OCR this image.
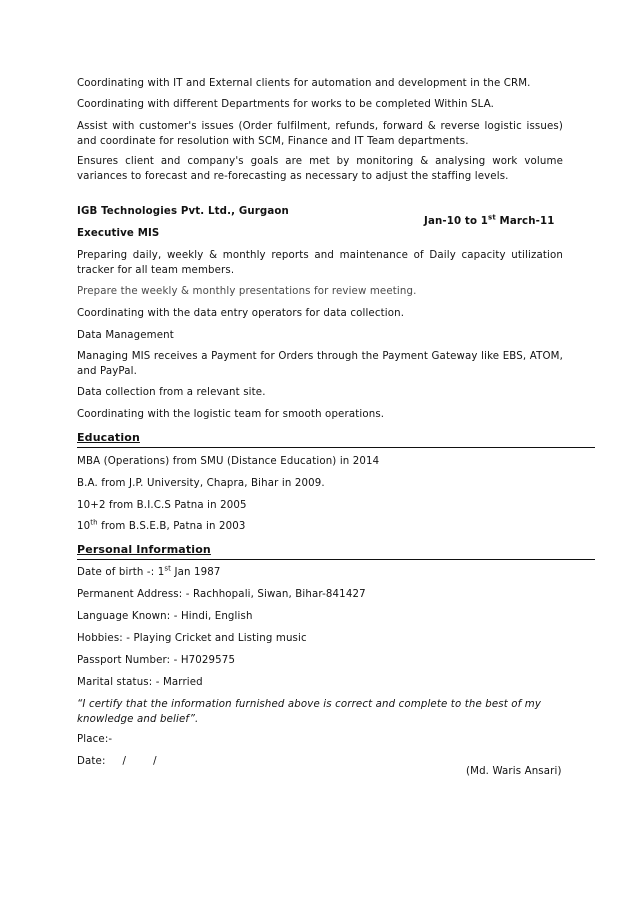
Coordinating with IT and External clients for automation and development in the CRM.

Coordinating with different Departments for works to be completed Within SLA.

Assist with customer's issues (Order fulfilment, refunds, forward & reverse logistic issues) and coordinate for resolution with SCM, Finance and IT Team departments.

Ensures client and company's goals are met by monitoring & analysing work volume variances to forecast and re-forecasting as necessary to adjust the staffing levels.

IGB Technologies Pvt. Ltd., Gurgaon

Jan-10 to 1st March-11

Executive MIS

Preparing daily, weekly & monthly reports and maintenance of Daily capacity utilization tracker for all team members.

Prepare the weekly & monthly presentations for review meeting.

Coordinating with the data entry operators for data collection.

Data Management

Managing MIS receives a Payment for Orders through the Payment Gateway like EBS, ATOM, and PayPal.

Data collection from a relevant site.

Coordinating with the logistic team for smooth operations.

Education

MBA (Operations) from SMU (Distance Education) in 2014

B.A. from J.P. University, Chapra, Bihar in 2009.

10+2 from B.I.C.S Patna in 2005

10th from B.S.E.B, Patna in 2003

Personal Information

Date of birth -: 1st Jan 1987

Permanent Address: - Rachhopali, Siwan, Bihar-841427

Language Known: - Hindi, English

Hobbies: - Playing Cricket and Listing music

Passport Number: - H7029575

Marital status: - Married

“I certify that the information furnished above is correct and complete to the best of my knowledge and belief”.

Place:-

Date:     /        /

(Md. Waris Ansari)
